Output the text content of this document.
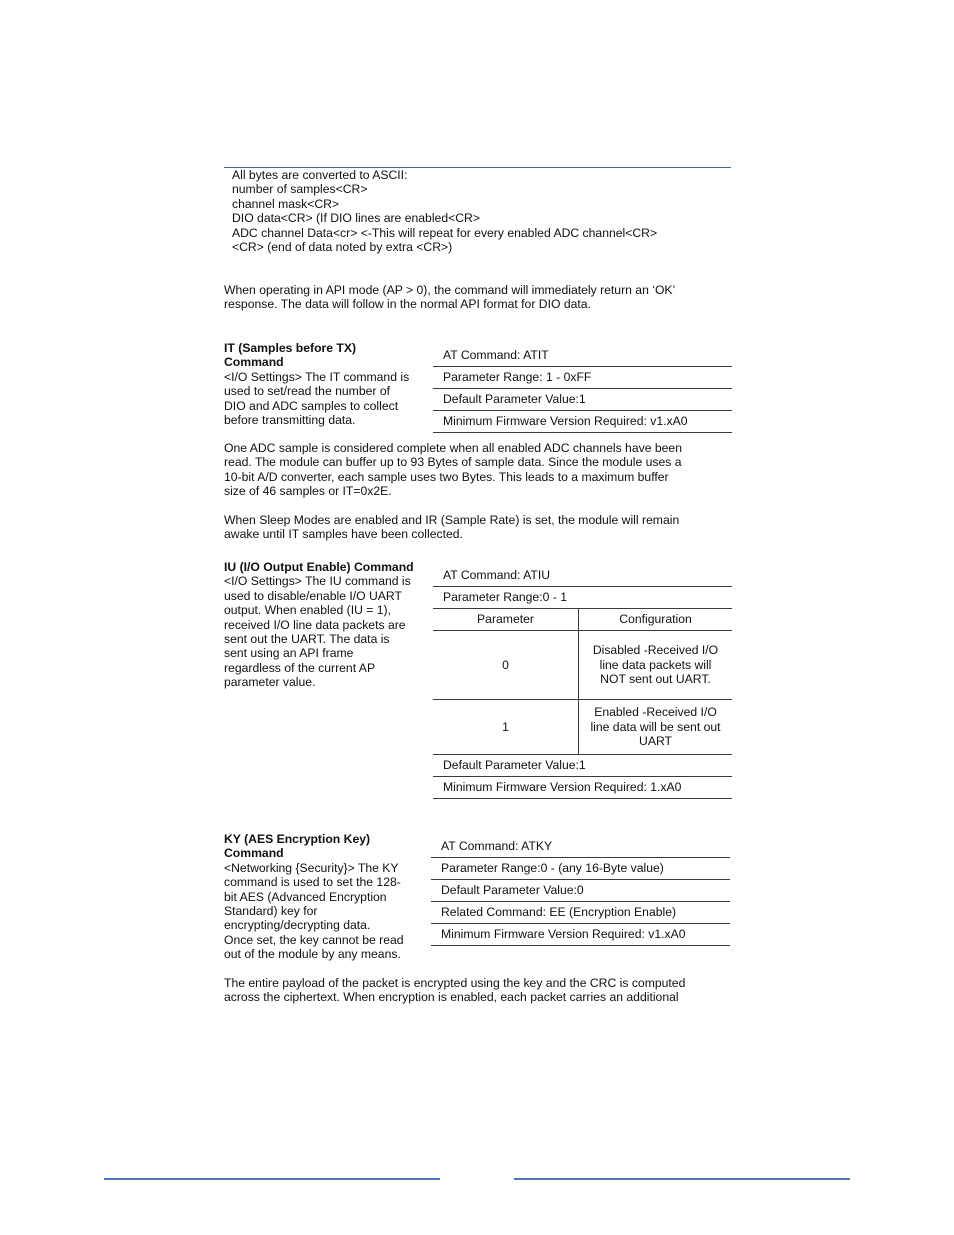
All bytes are converted to ASCII:
number of samples<CR>
channel mask<CR>
DIO data<CR> (If DIO lines are enabled<CR>
ADC channel Data<cr> <-This will repeat for every enabled ADC channel<CR>
<CR> (end of data noted by extra <CR>)
When operating in API mode (AP > 0), the command will immediately return an ‘OK’
response. The data will follow in the normal API format for DIO data.
IT (Samples before TX)
Command
<I/O Settings> The IT command is
used to set/read the number of
DIO and ADC samples to collect
before transmitting data.
AT Command: ATIT
Parameter Range: 1 - 0xFF
Default Parameter Value:1
Minimum Firmware Version Required: v1.xA0
One ADC sample is considered complete when all enabled ADC channels have been
read. The module can buffer up to 93 Bytes of sample data. Since the module uses a
10-bit A/D converter, each sample uses two Bytes. This leads to a maximum buffer
size of 46 samples or IT=0x2E.
When Sleep Modes are enabled and IR (Sample Rate) is set, the module will remain
awake until IT samples have been collected.
IU (I/O Output Enable) Command
<I/O Settings> The IU command is
used to disable/enable I/O UART
output. When enabled (IU = 1),
received I/O line data packets are
sent out the UART. The data is
sent using an API frame
regardless of the current AP
parameter value.
AT Command: ATIU	
Parameter Range:0 - 1	
Parameter	Configuration
0	Disabled -Received I/O
line data packets will
NOT sent out UART.

1	Enabled -Received I/O
line data will be sent out
UART

Default Parameter Value:1	
Minimum Firmware Version Required: 1.xA0	
KY (AES Encryption Key)
Command
<Networking {Security}> The KY
command is used to set the 128-
bit AES (Advanced Encryption
Standard) key for
encrypting/decrypting data.
Once set, the key cannot be read
out of the module by any means.
AT Command: ATKY
Parameter Range:0 - (any 16-Byte value)
Default Parameter Value:0
Related Command: EE (Encryption Enable)
Minimum Firmware Version Required: v1.xA0
The entire payload of the packet is encrypted using the key and the CRC is computed
across the ciphertext. When encryption is enabled, each packet carries an additional
